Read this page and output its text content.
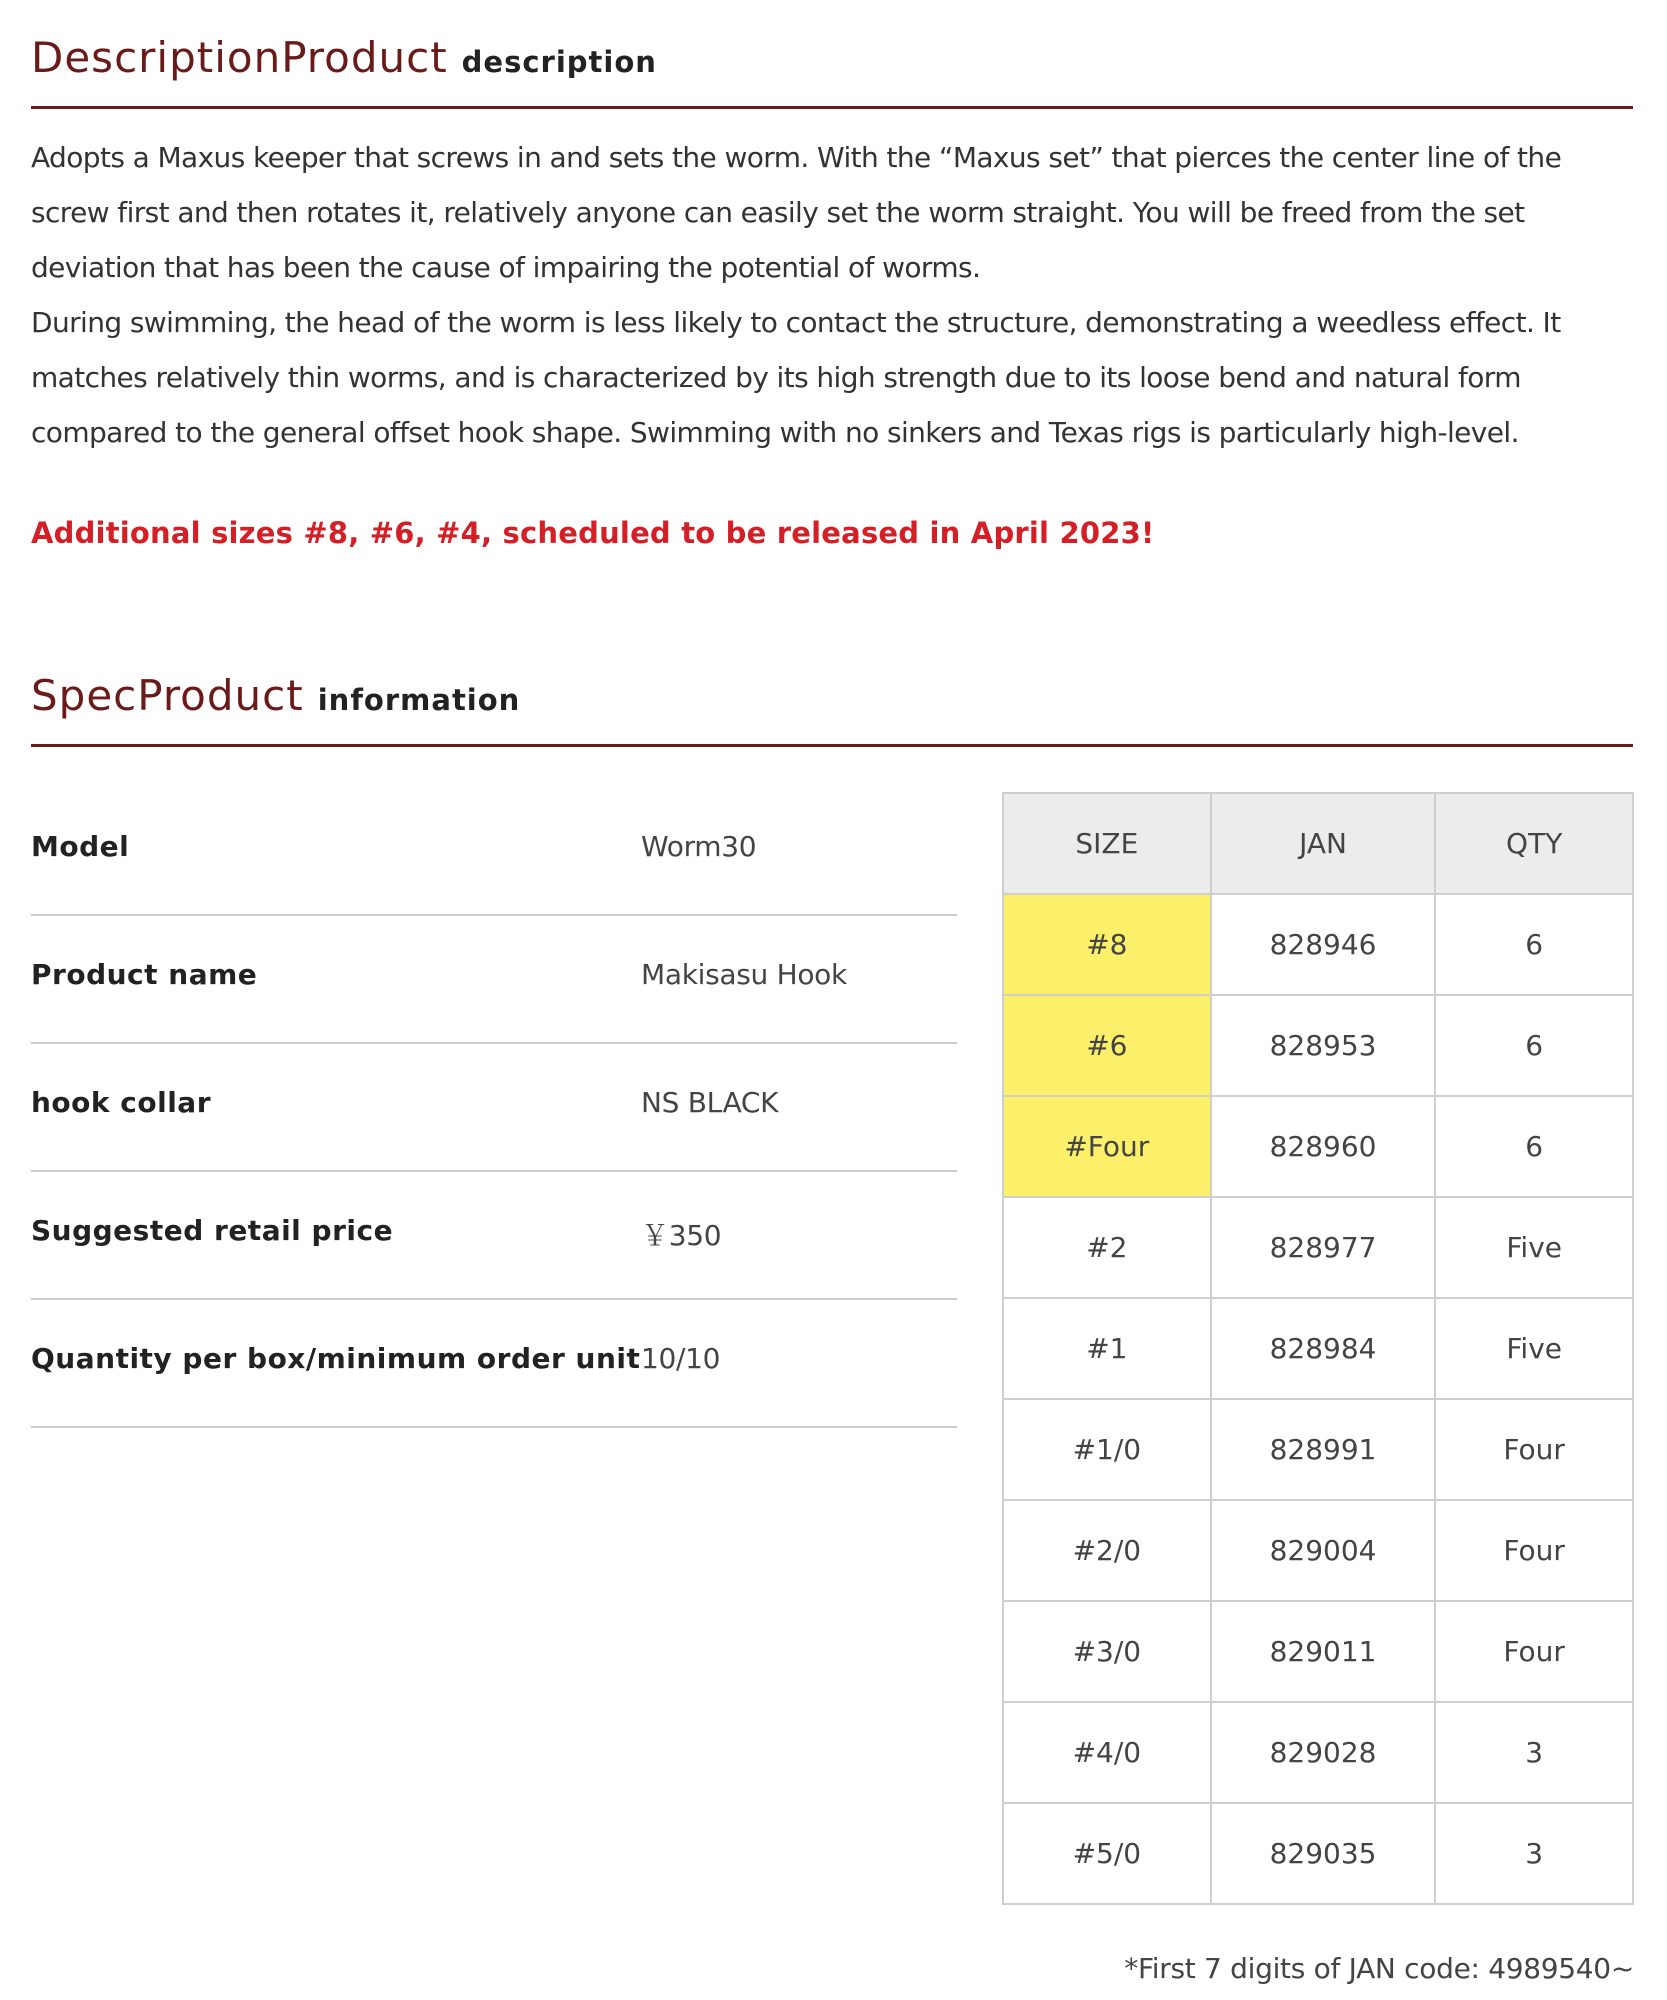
DescriptionProduct description

Adopts a Maxus keeper that screws in and sets the worm. With the “Maxus set” that pierces the center line of the screw first and then rotates it, relatively anyone can easily set the worm straight. You will be freed from the set deviation that has been the cause of impairing the potential of worms.

During swimming, the head of the worm is less likely to contact the structure, demonstrating a weedless effect. It matches relatively thin worms, and is characterized by its high strength due to its loose bend and natural form compared to the general offset hook shape. Swimming with no sinkers and Texas rigs is particularly high-level.

Additional sizes #8, #6, #4, scheduled to be released in April 2023!
SpecProduct information
Model	Worm30
Product name	Makisasu Hook
hook collar	NS BLACK
Suggested retail price	￥350
Quantity per box/minimum order unit 10/10
SIZE	JAN	QTY
#8	828946	6
#6	828953	6
#Four	828960	6
#2	828977	Five
#1	828984	Five
#1/0	828991	Four
#2/0	829004	Four
#3/0	829011	Four
#4/0	829028	3
#5/0	829035	3
*First 7 digits of JAN code: 4989540~
